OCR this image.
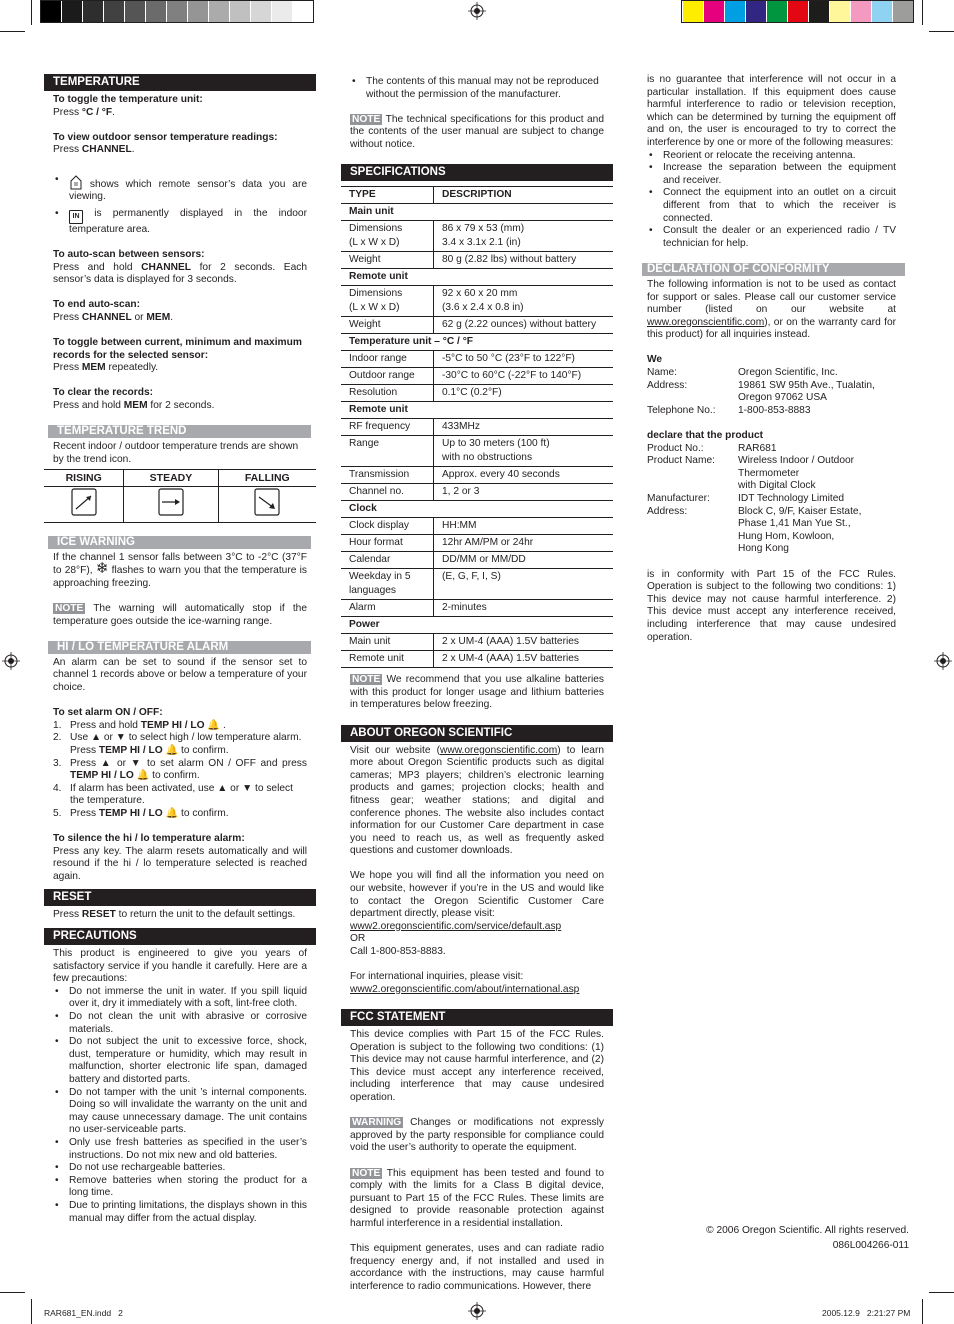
RAR681_EN.indd   2	2005.12.9   2:21:27 PM
TEMPERATURE

To toggle the temperature unit:

Press °C / °F.

To view outdoor sensor temperature readings:

Press CHANNEL.

• shows which remote sensor’s data you are viewing.
• IN is permanently displayed in the indoor temperature area.

To auto-scan between sensors:

Press and hold CHANNEL for 2 seconds. Each sensor’s data is displayed for 3 seconds.

To end auto-scan:

Press CHANNEL or MEM.

To toggle between current, minimum and maximum records for the selected sensor:

Press MEM repeatedly.

To clear the records:

Press and hold MEM for 2 seconds.

TEMPERATURE TREND

Recent indoor / outdoor temperature trends are shown by the trend icon.

RISING	STEADY	FALLING

ICE WARNING

If the channel 1 sensor falls between 3°C to -2°C (37°F to 28°F), ❄ flashes to warn you that the temperature is approaching freezing.

NOTE The warning will automatically stop if the temperature goes outside the ice-warning range.

HI / LO TEMPERATURE ALARM

An alarm can be set to sound if the sensor set to channel 1 records above or below a temperature of your choice.

To set alarm ON / OFF:

1. Press and hold TEMP HI / LO 🔔 .
2. Use ▲ or ▼ to select high / low temperature alarm. Press TEMP HI / LO 🔔 to confirm.
3. Press ▲ or ▼ to set alarm ON / OFF and press TEMP HI / LO 🔔 to confirm.
4. If alarm has been activated, use ▲ or ▼ to select the temperature.
5. Press TEMP HI / LO 🔔 to confirm.

To silence the hi / lo temperature alarm:

Press any key. The alarm resets automatically and will resound if the hi / lo temperature selected is reached again.

RESET

Press RESET to return the unit to the default settings.

PRECAUTIONS

This product is engineered to give you years of satisfactory service if you handle it carefully. Here are a few precautions:

• Do not immerse the unit in water. If you spill liquid over it, dry it immediately with a soft, lint-free cloth.
• Do not clean the unit with abrasive or corrosive materials.
• Do not subject the unit to excessive force, shock, dust, temperature or humidity, which may result in malfunction, shorter electronic life span, damaged battery and distorted parts.
• Do not tamper with the unit ’s internal components. Doing so will invalidate the warranty on the unit and may cause unnecessary damage. The unit contains no user-serviceable parts.
• Only use fresh batteries as specified in the user’s instructions. Do not mix new and old batteries.
• Do not use rechargeable batteries.
• Remove batteries when storing the product for a long time.
• Due to printing limitations, the displays shown in this manual may differ from the actual display.
• The contents of this manual may not be reproduced without the permission of the manufacturer.

NOTE The technical specifications for this product and the contents of the user manual are subject to change without notice.

SPECIFICATIONS
TYPE	DESCRIPTION
Main unit	
Dimensions
(L x W x D)	86 x 79 x 53 (mm)
3.4 x 3.1x 2.1 (in)
Weight	80 g (2.82 lbs) without battery
Remote unit	
Dimensions
(L x W x D)	92 x 60 x 20 mm
(3.6 x 2.4 x 0.8 in)
Weight	62 g (2.22 ounces) without battery
Temperature unit – °C / °F	
Indoor range	-5°C to 50 °C (23°F to 122°F)
Outdoor range	-30°C to 60°C (-22°F to 140°F)
Resolution	0.1°C (0.2°F)
Remote unit	
RF frequency	433MHz
Range	Up to 30 meters (100 ft)
with no obstructions
Transmission	Approx. every 40 seconds
Channel no.	1, 2 or 3
Clock	
Clock display	HH:MM
Hour format	12hr AM/PM or 24hr
Calendar	DD/MM or MM/DD
Weekday in 5
languages	(E, G, F, I, S)
Alarm	2-minutes
Power	
Main unit	2 x UM-4 (AAA) 1.5V batteries
Remote unit	2 x UM-4 (AAA) 1.5V batteries

NOTE We recommend that you use alkaline batteries with this product for longer usage and lithium batteries in temperatures below freezing.

ABOUT OREGON SCIENTIFIC

Visit our website (www.oregonscientific.com) to learn more about Oregon Scientific products such as digital cameras; MP3 players; children’s electronic learning products and games; projection clocks; health and fitness gear; weather stations; and digital and conference phones. The website also includes contact information for our Customer Care department in case you need to reach us, as well as frequently asked questions and customer downloads.

We hope you will find all the information you need on our website, however if you’re in the US and would like to contact the Oregon Scientific Customer Care department directly, please visit:

www2.oregonscientific.com/service/default.asp

OR

Call 1-800-853-8883.

For international inquiries, please visit:

www2.oregonscientific.com/about/international.asp

FCC STATEMENT

This device complies with Part 15 of the FCC Rules. Operation is subject to the following two conditions: (1) This device may not cause harmful interference, and (2) This device must accept any interference received, including interference that may cause undesired operation.

WARNING Changes or modifications not expressly approved by the party responsible for compliance could void the user’s authority to operate the equipment.

NOTE This equipment has been tested and found to comply with the limits for a Class B digital device, pursuant to Part 15 of the FCC Rules. These limits are designed to provide reasonable protection against harmful interference in a residential installation.

This equipment generates, uses and can radiate radio frequency energy and, if not installed and used in accordance with the instructions, may cause harmful interference to radio communications. However, there

is no guarantee that interference will not occur in a particular installation. If this equipment does cause harmful interference to radio or television reception, which can be determined by turning the equipment off and on, the user is encouraged to try to correct the interference by one or more of the following measures:

• Reorient or relocate the receiving antenna.
• Increase the separation between the equipment and receiver.
• Connect the equipment into an outlet on a circuit different from that to which the receiver is connected.
• Consult the dealer or an experienced radio / TV technician for help.
DECLARATION OF CONFORMITY

The following information is not to be used as contact for support or sales. Please call our customer service number (listed on our website at www.oregonscientific.com), or on the warranty card for this product) for all inquiries instead.

We

Name:	Oregon Scientific, Inc.
Address:	19861 SW 95th Ave., Tualatin,
Oregon 97062 USA
Telephone No.:	1-800-853-8883

declare that the product

Product No.:	RAR681
Product Name:	Wireless Indoor / Outdoor
Thermometer
with Digital Clock
Manufacturer:	IDT Technology Limited
Address:	Block C, 9/F, Kaiser Estate,
Phase 1,41 Man Yue St.,
Hung Hom, Kowloon,
Hong Kong

is in conformity with Part 15 of the FCC Rules. Operation is subject to the following two conditions: 1) This device may not cause harmful interference. 2) This device must accept any interference received, including interference that may cause undesired operation.

© 2006 Oregon Scientific. All rights reserved.
086L004266-011
